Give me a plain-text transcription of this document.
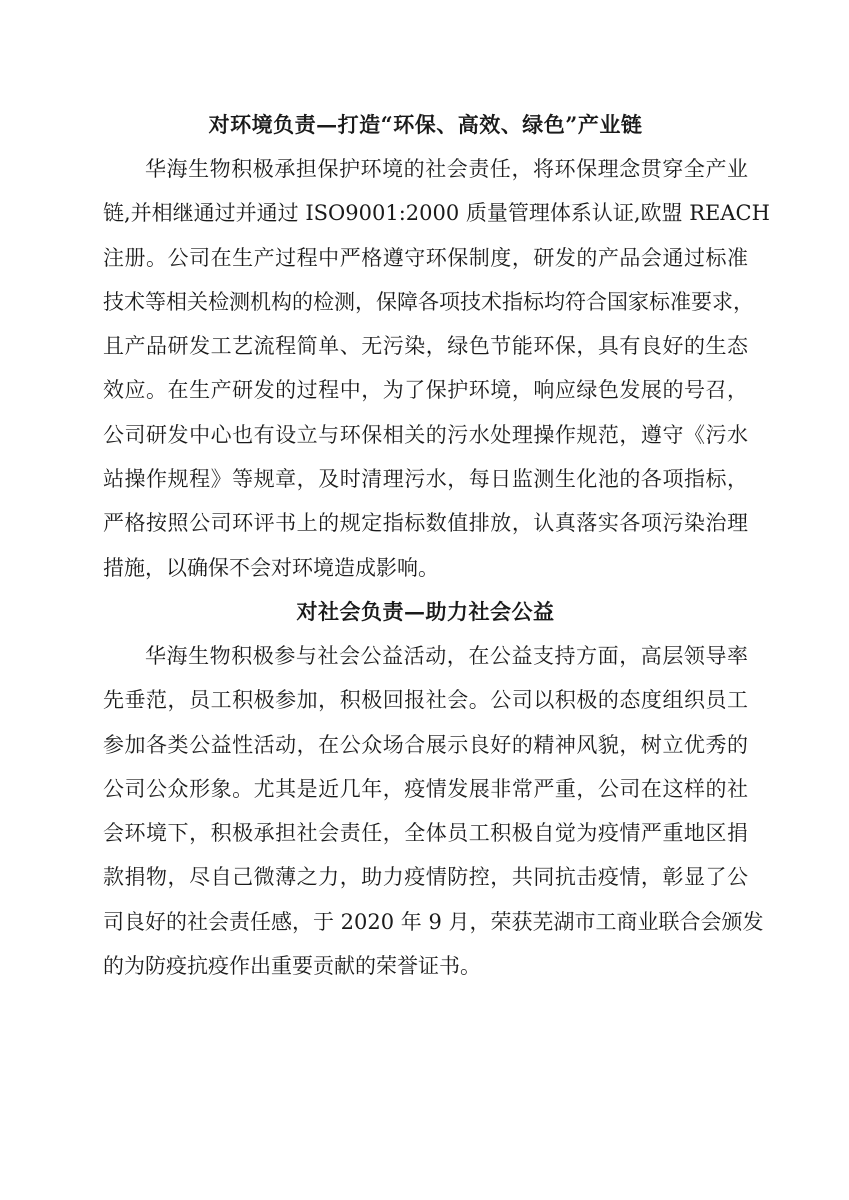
对环境负责—打造“环保、高效、绿色”产业链
华海生物积极承担保护环境的社会责任，将环保理念贯穿全产业
链,并相继通过并通过 ISO9001:2000 质量管理体系认证,欧盟 REACH
注册。公司在生产过程中严格遵守环保制度，研发的产品会通过标准
技术等相关检测机构的检测，保障各项技术指标均符合国家标准要求，
且产品研发工艺流程简单、无污染，绿色节能环保，具有良好的生态
效应。在生产研发的过程中，为了保护环境，响应绿色发展的号召，
公司研发中心也有设立与环保相关的污水处理操作规范，遵守《污水
站操作规程》等规章，及时清理污水，每日监测生化池的各项指标，
严格按照公司环评书上的规定指标数值排放，认真落实各项污染治理
措施，以确保不会对环境造成影响。
对社会负责—助力社会公益
华海生物积极参与社会公益活动，在公益支持方面，高层领导率
先垂范，员工积极参加，积极回报社会。公司以积极的态度组织员工
参加各类公益性活动，在公众场合展示良好的精神风貌，树立优秀的
公司公众形象。尤其是近几年，疫情发展非常严重，公司在这样的社
会环境下，积极承担社会责任，全体员工积极自觉为疫情严重地区捐
款捐物，尽自己微薄之力，助力疫情防控，共同抗击疫情，彰显了公
司良好的社会责任感，于 2020 年 9 月，荣获芜湖市工商业联合会颁发
的为防疫抗疫作出重要贡献的荣誉证书。
